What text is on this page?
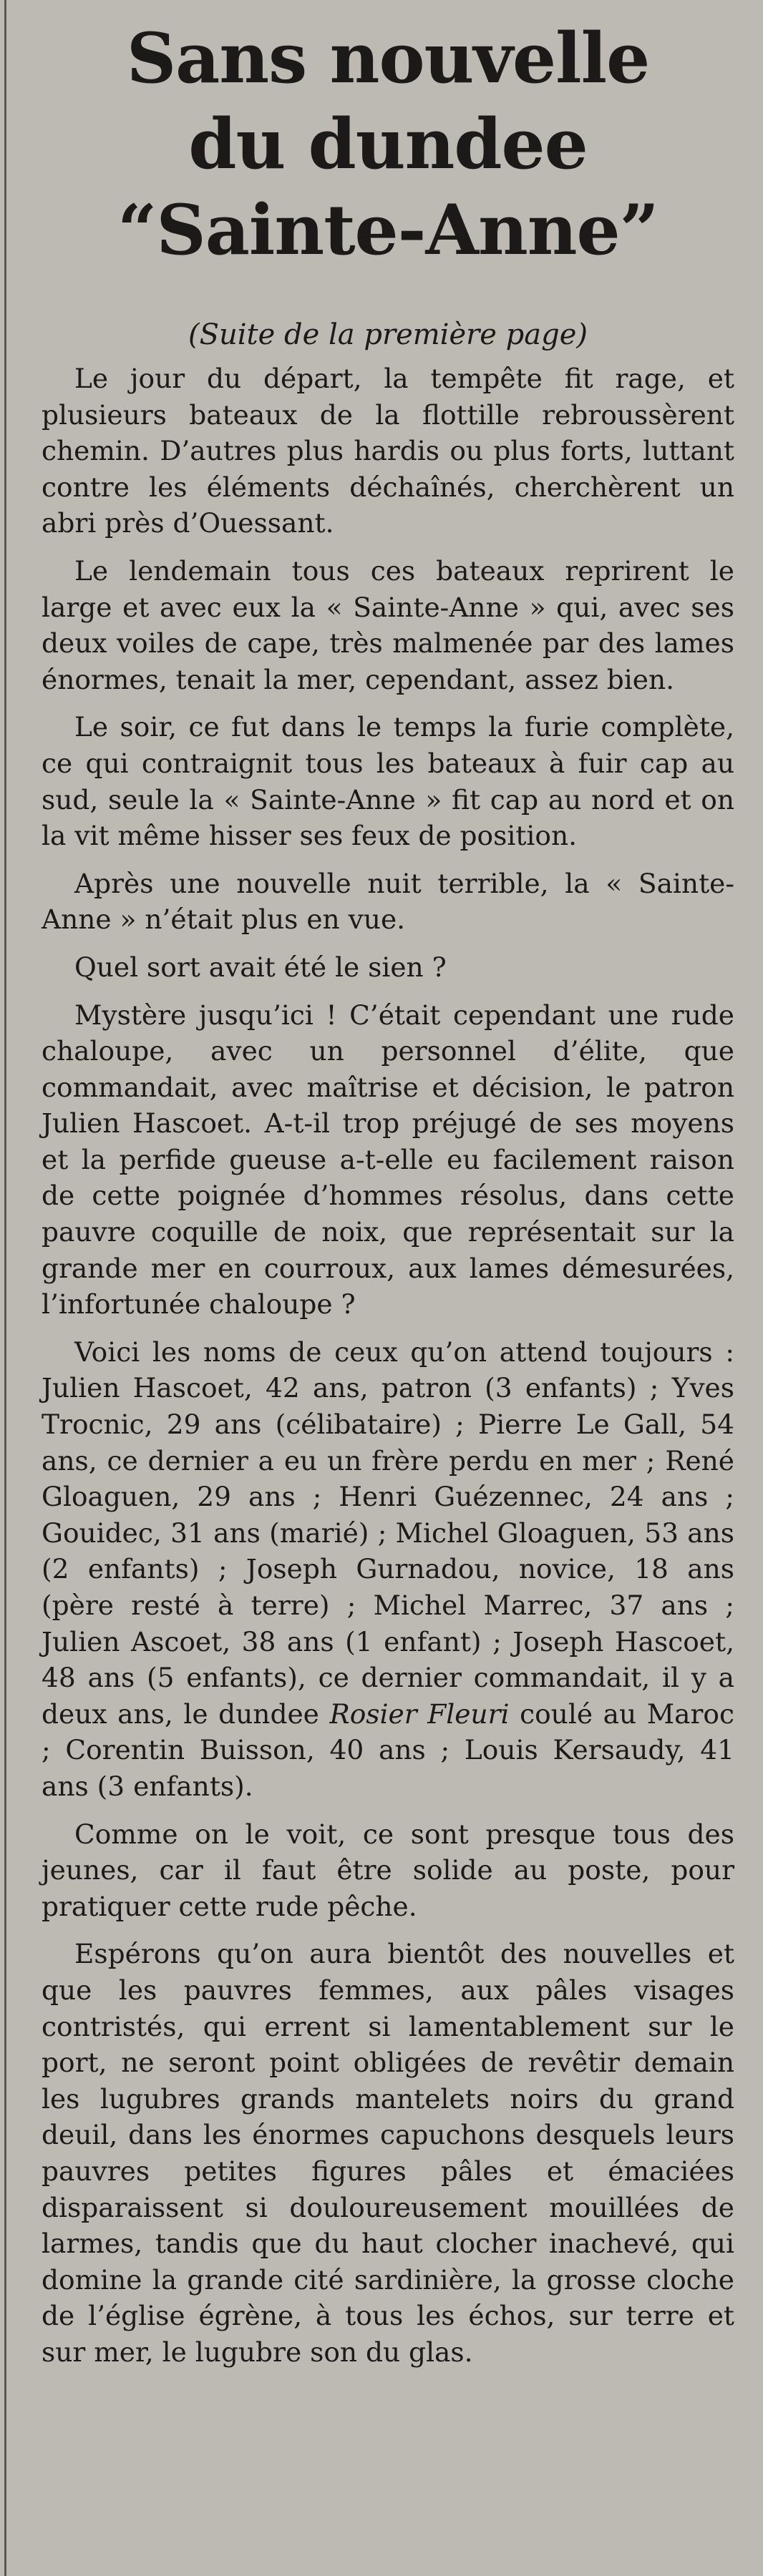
Sans nouvelle
du dundee
“Sainte-Anne”
(Suite de la première page)

Le jour du départ, la tempête fit rage, et plusieurs bateaux de la flottille rebroussèrent chemin. D’autres plus hardis ou plus forts, luttant contre les éléments déchaînés, cherchèrent un abri près d’Ouessant.

Le lendemain tous ces bateaux reprirent le large et avec eux la « Sainte-Anne » qui, avec ses deux voiles de cape, très malmenée par des lames énormes, tenait la mer, cependant, assez bien.

Le soir, ce fut dans le temps la furie complète, ce qui contraignit tous les bateaux à fuir cap au sud, seule la « Sainte-Anne » fit cap au nord et on la vit même hisser ses feux de position.

Après une nouvelle nuit terrible, la « Sainte-Anne » n’était plus en vue.

Quel sort avait été le sien ?

Mystère jusqu’ici ! C’était cependant une rude chaloupe, avec un personnel d’élite, que commandait, avec maîtrise et décision, le patron Julien Hascoet. A-t-il trop préjugé de ses moyens et la perfide gueuse a-t-elle eu facilement raison de cette poignée d’hommes résolus, dans cette pauvre coquille de noix, que représentait sur la grande mer en courroux, aux lames démesurées, l’infortunée chaloupe ?

Voici les noms de ceux qu’on attend toujours : Julien Hascoet, 42 ans, patron (3 enfants) ; Yves Trocnic, 29 ans (célibataire) ; Pierre Le Gall, 54 ans, ce dernier a eu un frère perdu en mer ; René Gloaguen, 29 ans ; Henri Guézennec, 24 ans ; Gouidec, 31 ans (marié) ; Michel Gloaguen, 53 ans (2 enfants) ; Joseph Gurnadou, novice, 18 ans (père resté à terre) ; Michel Marrec, 37 ans ; Julien Ascoet, 38 ans (1 enfant) ; Joseph Hascoet, 48 ans (5 enfants), ce dernier commandait, il y a deux ans, le dundee Rosier Fleuri coulé au Maroc ; Corentin Buisson, 40 ans ; Louis Kersaudy, 41 ans (3 enfants).

Comme on le voit, ce sont presque tous des jeunes, car il faut être solide au poste, pour pratiquer cette rude pêche.

Espérons qu’on aura bientôt des nouvelles et que les pauvres femmes, aux pâles visages contristés, qui errent si lamentablement sur le port, ne seront point obligées de revêtir demain les lugubres grands mantelets noirs du grand deuil, dans les énormes capuchons desquels leurs pauvres petites figures pâles et émaciées disparaissent si douloureusement mouillées de larmes, tandis que du haut clocher inachevé, qui domine la grande cité sardinière, la grosse cloche de l’église égrène, à tous les échos, sur terre et sur mer, le lugubre son du glas.
